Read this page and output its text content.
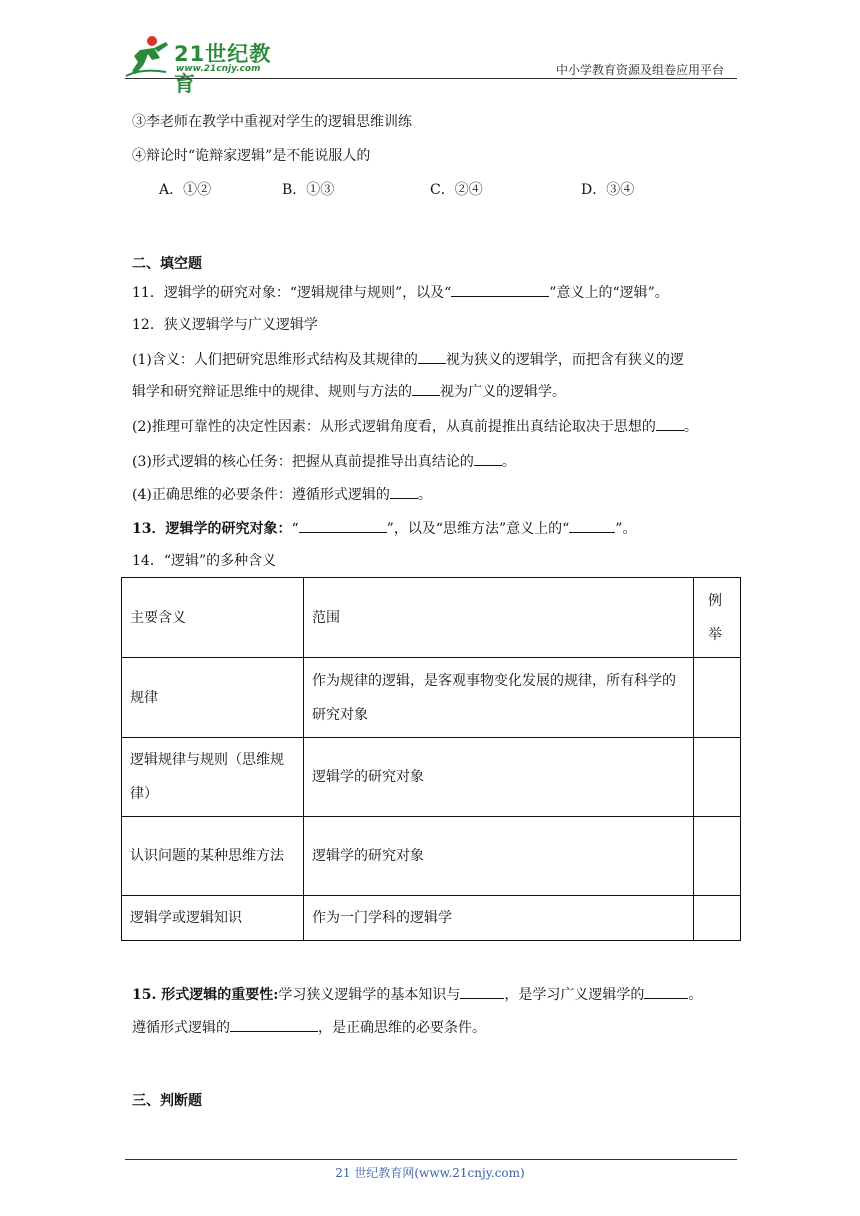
21世纪教育
www.21cnjy.com	中小学教育资源及组卷应用平台
③李老师在教学中重视对学生的逻辑思维训练
④辩论时“诡辩家逻辑”是不能说服人的
A．①②	B．①③	C．②④	D．③④
二、填空题
11．逻辑学的研究对象：“逻辑规律与规则”，以及“	”意义上的“逻辑”。
12．狭义逻辑学与广义逻辑学
(1)含义：人们把研究思维形式结构及其规律的 视为狭义的逻辑学，而把含有狭义的逻
辑学和研究辩证思维中的规律、规则与方法的 视为广义的逻辑学。
(2)推理可靠性的决定性因素：从形式逻辑角度看，从真前提推出真结论取决于思想的 。
(3)形式逻辑的核心任务：把握从真前提推导出真结论的 。
(4)正确思维的必要条件：遵循形式逻辑的 。
13．逻辑学的研究对象：“	”，以及“思维方法”意义上的“	”。
14．“逻辑”的多种含义
主要含义	范围	例举
规律	作为规律的逻辑，是客观事物变化发展的规律，所有科学的研究对象	
逻辑规律与规则（思维规律）	逻辑学的研究对象	
认识问题的某种思维方法	逻辑学的研究对象	
逻辑学或逻辑知识	作为一门学科的逻辑学	
15. 形式逻辑的重要性:学习狭义逻辑学的基本知识与	，是学习广义逻辑学的	。
遵循形式逻辑的	，是正确思维的必要条件。
三、判断题
21 世纪教育网(www.21cnjy.com)
